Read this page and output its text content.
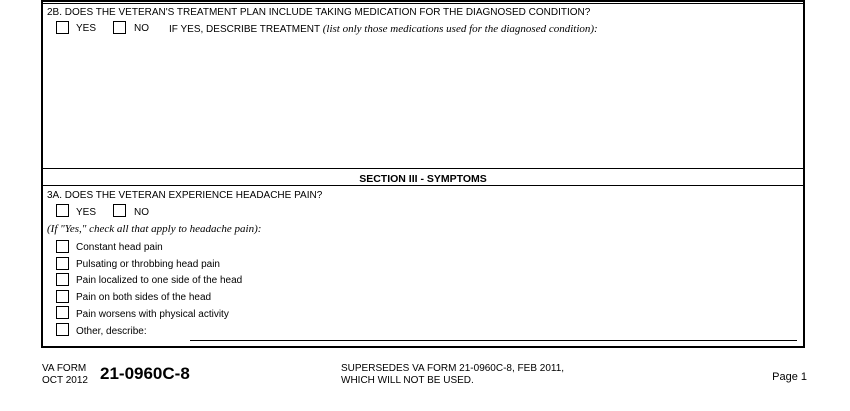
2B. DOES THE VETERAN'S TREATMENT PLAN INCLUDE TAKING MEDICATION FOR THE DIAGNOSED CONDITION?
YES	NO IF YES, DESCRIBE TREATMENT (list only those medications used for the diagnosed condition):
SECTION III - SYMPTOMS
3A. DOES THE VETERAN EXPERIENCE HEADACHE PAIN?
YES	NO
(If "Yes," check all that apply to headache pain):
Constant head pain
Pulsating or throbbing head pain
Pain localized to one side of the head
Pain on both sides of the head
Pain worsens with physical activity
Other, describe:
VA FORM
OCT 2012 21-0960C-8	SUPERSEDES VA FORM 21-0960C-8, FEB 2011,
WHICH WILL NOT BE USED.	Page 1
